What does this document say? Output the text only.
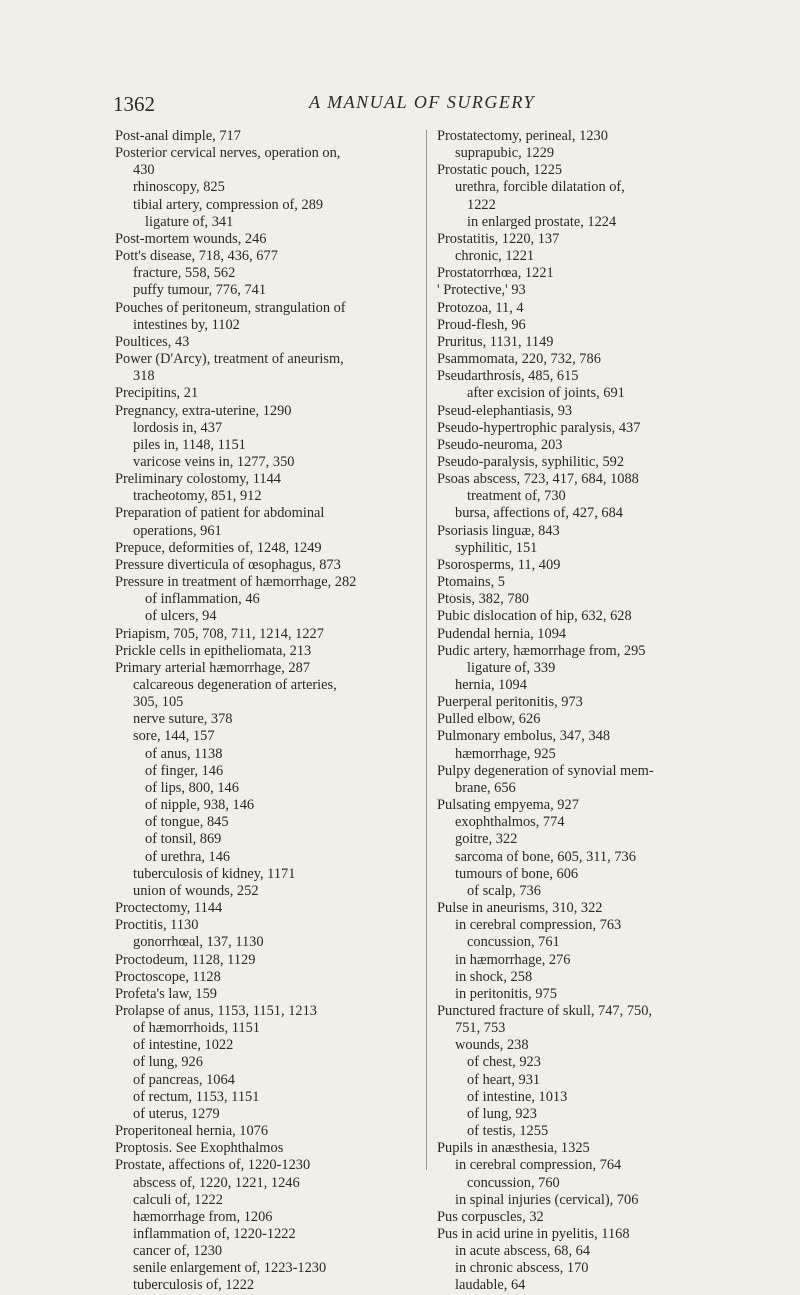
1362	A MANUAL OF SURGERY
Post-anal dimple, 717
Posterior cervical nerves, operation on,
430
rhinoscopy, 825
tibial artery, compression of, 289
ligature of, 341
Post-mortem wounds, 246
Pott's disease, 718, 436, 677
fracture, 558, 562
puffy tumour, 776, 741
Pouches of peritoneum, strangulation of
intestines by, 1102
Poultices, 43
Power (D'Arcy), treatment of aneurism,
318
Precipitins, 21
Pregnancy, extra-uterine, 1290
lordosis in, 437
piles in, 1148, 1151
varicose veins in, 1277, 350
Preliminary colostomy, 1144
tracheotomy, 851, 912
Preparation of patient for abdominal
operations, 961
Prepuce, deformities of, 1248, 1249
Pressure diverticula of œsophagus, 873
Pressure in treatment of hæmorrhage, 282
of inflammation, 46
of ulcers, 94
Priapism, 705, 708, 711, 1214, 1227
Prickle cells in epitheliomata, 213
Primary arterial hæmorrhage, 287
calcareous degeneration of arteries,
305, 105
nerve suture, 378
sore, 144, 157
of anus, 1138
of finger, 146
of lips, 800, 146
of nipple, 938, 146
of tongue, 845
of tonsil, 869
of urethra, 146
tuberculosis of kidney, 1171
union of wounds, 252
Proctectomy, 1144
Proctitis, 1130
gonorrhœal, 137, 1130
Proctodeum, 1128, 1129
Proctoscope, 1128
Profeta's law, 159
Prolapse of anus, 1153, 1151, 1213
of hæmorrhoids, 1151
of intestine, 1022
of lung, 926
of pancreas, 1064
of rectum, 1153, 1151
of uterus, 1279
Properitoneal hernia, 1076
Proptosis. See Exophthalmos
Prostate, affections of, 1220-1230
abscess of, 1220, 1221, 1246
calculi of, 1222
hæmorrhage from, 1206
inflammation of, 1220-1222
cancer of, 1230
senile enlargement of, 1223-1230
tuberculosis of, 1222
Prostatectomy, perineal, 1230
suprapubic, 1229
Prostatic pouch, 1225
urethra, forcible dilatation of,
1222
in enlarged prostate, 1224
Prostatitis, 1220, 137
chronic, 1221
Prostatorrhœa, 1221
' Protective,' 93
Protozoa, 11, 4
Proud-flesh, 96
Pruritus, 1131, 1149
Psammomata, 220, 732, 786
Pseudarthrosis, 485, 615
after excision of joints, 691
Pseud-elephantiasis, 93
Pseudo-hypertrophic paralysis, 437
Pseudo-neuroma, 203
Pseudo-paralysis, syphilitic, 592
Psoas abscess, 723, 417, 684, 1088
treatment of, 730
bursa, affections of, 427, 684
Psoriasis linguæ, 843
syphilitic, 151
Psorosperms, 11, 409
Ptomains, 5
Ptosis, 382, 780
Pubic dislocation of hip, 632, 628
Pudendal hernia, 1094
Pudic artery, hæmorrhage from, 295
ligature of, 339
hernia, 1094
Puerperal peritonitis, 973
Pulled elbow, 626
Pulmonary embolus, 347, 348
hæmorrhage, 925
Pulpy degeneration of synovial mem-
brane, 656
Pulsating empyema, 927
exophthalmos, 774
goitre, 322
sarcoma of bone, 605, 311, 736
tumours of bone, 606
of scalp, 736
Pulse in aneurisms, 310, 322
in cerebral compression, 763
concussion, 761
in hæmorrhage, 276
in shock, 258
in peritonitis, 975
Punctured fracture of skull, 747, 750,
751, 753
wounds, 238
of chest, 923
of heart, 931
of intestine, 1013
of lung, 923
of testis, 1255
Pupils in anæsthesia, 1325
in cerebral compression, 764
concussion, 760
in spinal injuries (cervical), 706
Pus corpuscles, 32
Pus in acid urine in pyelitis, 1168
in acute abscess, 68, 64
in chronic abscess, 170
laudable, 64
